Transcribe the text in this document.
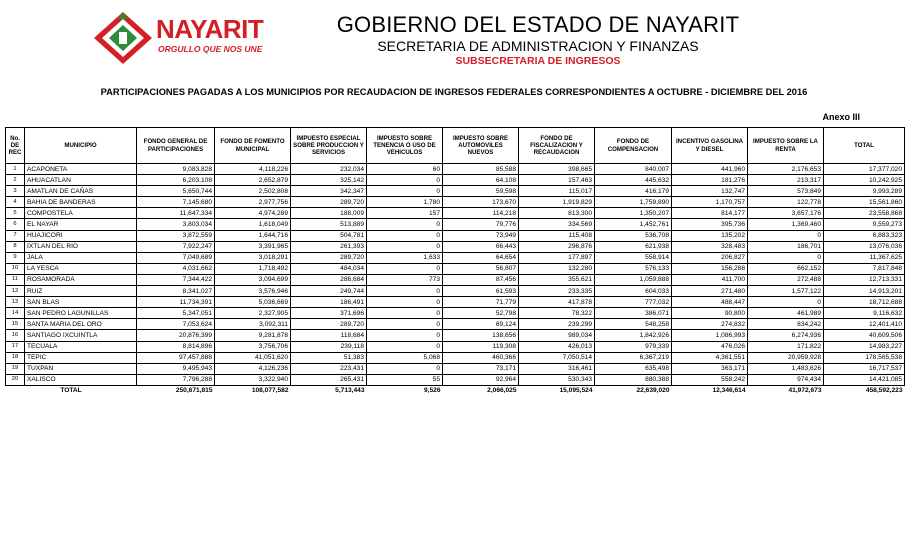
NAYARIT
ORGULLO QUE NOS UNE
GOBIERNO DEL ESTADO DE NAYARIT
SECRETARIA DE ADMINISTRACION Y FINANZAS
SUBSECRETARIA DE INGRESOS
PARTICIPACIONES PAGADAS A LOS MUNICIPIOS POR RECAUDACION DE INGRESOS FEDERALES CORRESPONDIENTES A OCTUBRE - DICIEMBRE DEL 2016
Anexo III
No. DE REC	MUNICIPIO	FONDO GENERAL DE PARTICIPACIONES	FONDO DE FOMENTO MUNICIPAL	IMPUESTO ESPECIAL SOBRE PRODUCCION Y SERVICIOS	IMPUESTO SOBRE TENENCIA O USO DE VEHICULOS	IMPUESTO SOBRE AUTOMOVILES NUEVOS	FONDO DE FISCALIZACION Y RECAUDACION	FONDO DE COMPENSACION	INCENTIVO GASOLINA Y DIESEL	IMPUESTO SOBRE LA RENTA	TOTAL
1	ACAPONETA	9,083,828	4,118,226	232,034	60	85,588	398,665	840,007	441,960	2,176,653	17,377,020
2	AHUACATLAN	6,203,108	2,652,879	325,142	0	64,108	157,463	445,632	181,276	213,317	10,242,925
3	AMATLAN DE CAÑAS	5,650,744	2,502,808	342,347	0	59,598	115,017	416,179	132,747	573,849	9,993,289
4	BAHIA DE BANDERAS	7,145,680	2,977,756	289,720	1,780	173,670	1,919,829	1,759,890	1,170,757	122,778	15,561,860
5	COMPOSTELA	11,647,334	4,974,289	188,009	157	114,218	813,300	1,350,207	814,177	3,657,176	23,558,868
6	EL NAYAR	3,803,034	1,618,049	513,889	0	79,776	334,569	1,452,761	395,736	1,369,460	9,559,273
7	HUAJICORI	3,872,559	1,644,716	504,781	0	73,949	115,408	536,708	135,202	0	6,883,323
8	IXTLAN DEL RIO	7,922,247	3,391,965	261,393	0	66,443	296,876	621,938	328,483	186,701	13,076,036
9	JALA	7,049,689	3,018,291	289,720	1,633	64,654	177,897	558,914	206,827	0	11,367,625
10	LA YESCA	4,031,662	1,718,492	484,034	0	56,807	132,280	576,133	156,288	662,152	7,817,848
11	ROSAMORADA	7,344,422	3,094,699	286,684	773	87,456	355,621	1,059,888	411,700	272,488	12,713,331
12	RUIZ	8,341,027	3,576,946	249,744	0	61,593	233,335	604,033	271,480	1,577,122	14,913,201
13	SAN BLAS	11,734,391	5,036,669	186,491	0	71,779	417,878	777,032	488,447	0	18,712,688
14	SAN PEDRO LAGUNILLAS	5,347,051	2,327,905	371,696	0	52,798	78,322	386,071	90,800	461,989	9,116,632
15	SANTA MARIA DEL ORO	7,053,624	3,092,311	289,720	0	69,124	239,299	548,258	274,832	834,242	12,401,410
16	SANTIAGO IXCUINTLA	20,876,399	9,281,878	118,684	0	138,656	989,034	1,842,926	1,086,993	6,274,936	40,609,506
17	TECUALA	8,814,896	3,756,706	239,118	0	119,308	426,013	979,339	476,026	171,822	14,983,227
18	TEPIC	97,457,888	41,051,620	51,383	5,068	460,366	7,050,514	6,367,219	4,361,551	20,959,928	178,565,538
19	TUXPAN	9,495,943	4,126,236	223,431	0	73,171	316,461	635,498	363,171	1,483,626	16,717,537
20	XALISCO	7,796,288	3,322,940	265,431	55	92,964	530,343	880,388	558,242	974,434	14,421,085
TOTAL		250,671,815	108,077,582	5,713,443	9,526	2,066,025	15,095,524	22,639,020	12,346,614	41,972,673	458,592,223
